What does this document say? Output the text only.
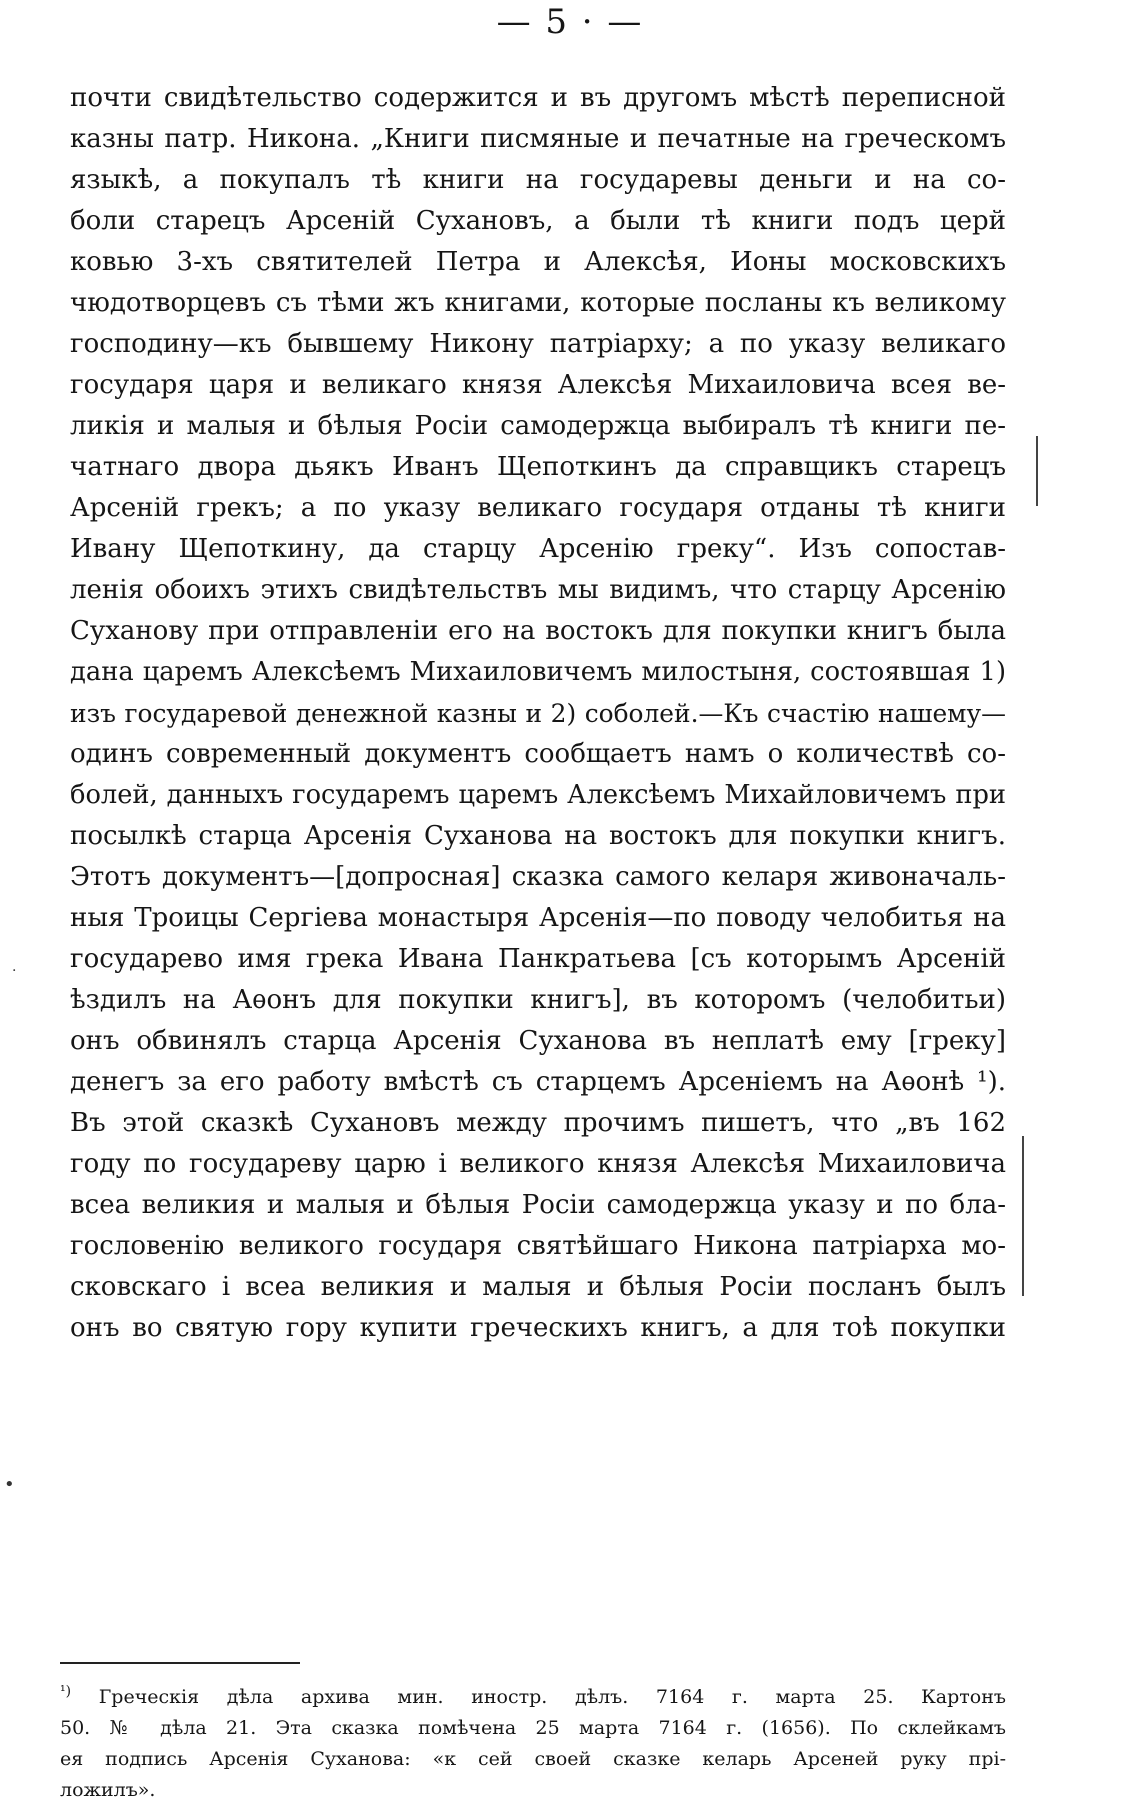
— 5 · —
почти свидѣтельство содержится и въ другомъ мѣстѣ переписной
казны патр. Никона. „Книги писмяные и печатные на греческомъ
языкѣ, а покупалъ тѣ книги на государевы деньги и на со-
боли старецъ Арсеній Сухановъ, а были тѣ книги подъ церй
ковью 3-хъ святителей Петра и Алексѣя, Ионы московскихъ
чюдотворцевъ съ тѣми жъ книгами, которые посланы къ великому
господину—къ бывшему Никону патріарху; а по указу великаго
государя царя и великаго князя Алексѣя Михаиловича всея ве-
ликія и малыя и бѣлыя Росіи самодержца выбиралъ тѣ книги пе-
чатнаго двора дьякъ Иванъ Щепоткинъ да справщикъ старецъ
Арсеній грекъ; а по указу великаго государя отданы тѣ книги
Ивану Щепоткину, да старцу Арсенію греку“. Изъ сопостав-
ленія обоихъ этихъ свидѣтельствъ мы видимъ, что старцу Арсенію
Суханову при отправленіи его на востокъ для покупки книгъ была
дана царемъ Алексѣемъ Михаиловичемъ милостыня, состоявшая 1)
изъ государевой денежной казны и 2) соболей.—Къ счастію нашему—
одинъ современный документъ сообщаетъ намъ о количествѣ со-
болей, данныхъ государемъ царемъ Алексѣемъ Михайловичемъ при
посылкѣ старца Арсенія Суханова на востокъ для покупки книгъ.
Этотъ документъ—[допросная] сказка самого келаря живоначаль-
ныя Троицы Сергіева монастыря Арсенія—по поводу челобитья на
государево имя грека Ивана Панкратьева [съ которымъ Арсеній
ѣздилъ на Аѳонъ для покупки книгъ], въ которомъ (челобитьи)
онъ обвинялъ старца Арсенія Суханова въ неплатѣ ему [греку]
денегъ за его работу вмѣстѣ съ старцемъ Арсеніемъ на Аѳонѣ ¹).
Въ этой сказкѣ Сухановъ между прочимъ пишетъ, что „въ 162
году по государеву царю і великого князя Алексѣя Михаиловича
всеа великия и малыя и бѣлыя Росіи самодержца указу и по бла-
гословенію великого государя святѣйшаго Никона патріарха мо-
сковскаго і всеа великия и малыя и бѣлыя Росіи посланъ былъ
онъ во святую гору купити греческихъ книгъ, а для тоѣ покупки
•
·
$^{^1)}$ Греческія дѣла архива мин. иностр. дѣлъ. 7164 г. марта 25. Картонъ
50. № дѣла 21. Эта сказка помѣчена 25 марта 7164 г. (1656). По склейкамъ
ея подпись Арсенія Суханова: «к сей своей сказке келарь Арсеней руку прі-
ложилъ».
